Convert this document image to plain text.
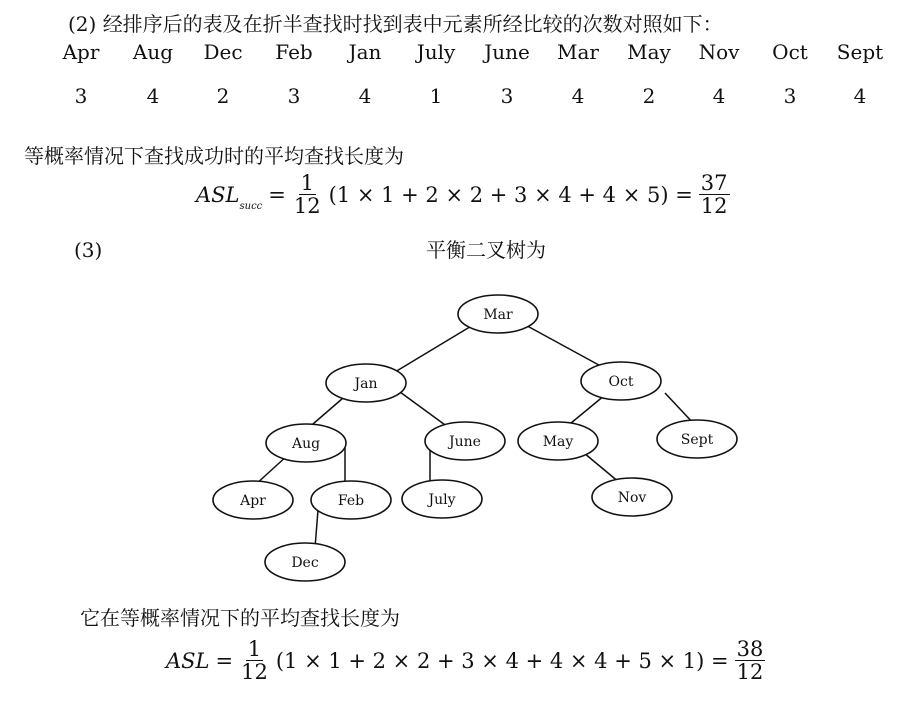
(2) 经排序后的表及在折半查找时找到表中元素所经比较的次数对照如下：
Apr	Aug	Dec	Feb	Jan	July	June	Mar	May	Nov	Oct	Sept
3	4	2	3	4	1	3	4	2	4	3	4
等概率情况下查找成功时的平均查找长度为
$ASL_{succ} = \frac{1}{12} (1 \times 1 + 2 \times 2 + 3 \times 4 + 4 \times 5) = \frac{37}{12}$
(3)	平衡二叉树为
Mar
Jan	Oct
Aug	June	May	Sept
Apr	Feb	July	Nov
Dec
它在等概率情况下的平均查找长度为
ASL = $\frac{1}{12} (1 \times 1 + 2 \times 2 + 3 \times 4 + 4 \times 4 + 5 \times 1) = \frac{38}{12}$
